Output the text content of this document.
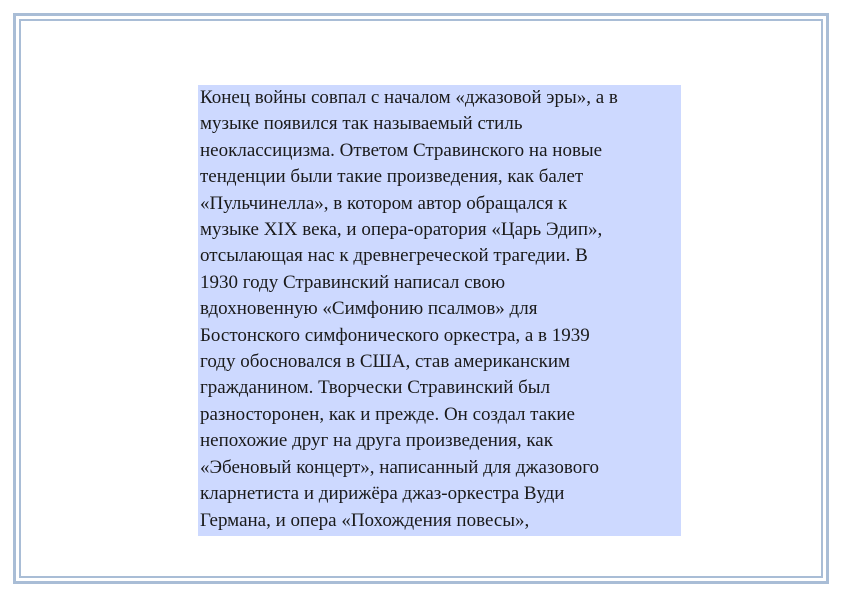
Конец войны совпал с началом «джазовой эры», а в
музыке появился так называемый стиль
неоклассицизма. Ответом Стравинского на новые
тенденции были такие произведения, как балет
«Пульчинелла», в котором автор обращался к
музыке XIX века, и опера-оратория «Царь Эдип»,
отсылающая нас к древнегреческой трагедии. В
1930 году Стравинский написал свою
вдохновенную «Симфонию псалмов» для
Бостонского симфонического оркестра, а в 1939
году обосновался в США, став американским
гражданином. Творчески Стравинский был
разносторонен, как и прежде. Он создал такие
непохожие друг на друга произведения, как
«Эбеновый концерт», написанный для джазового
кларнетиста и дирижёра джаз-оркестра Вуди
Германа, и опера «Похождения повесы»,
